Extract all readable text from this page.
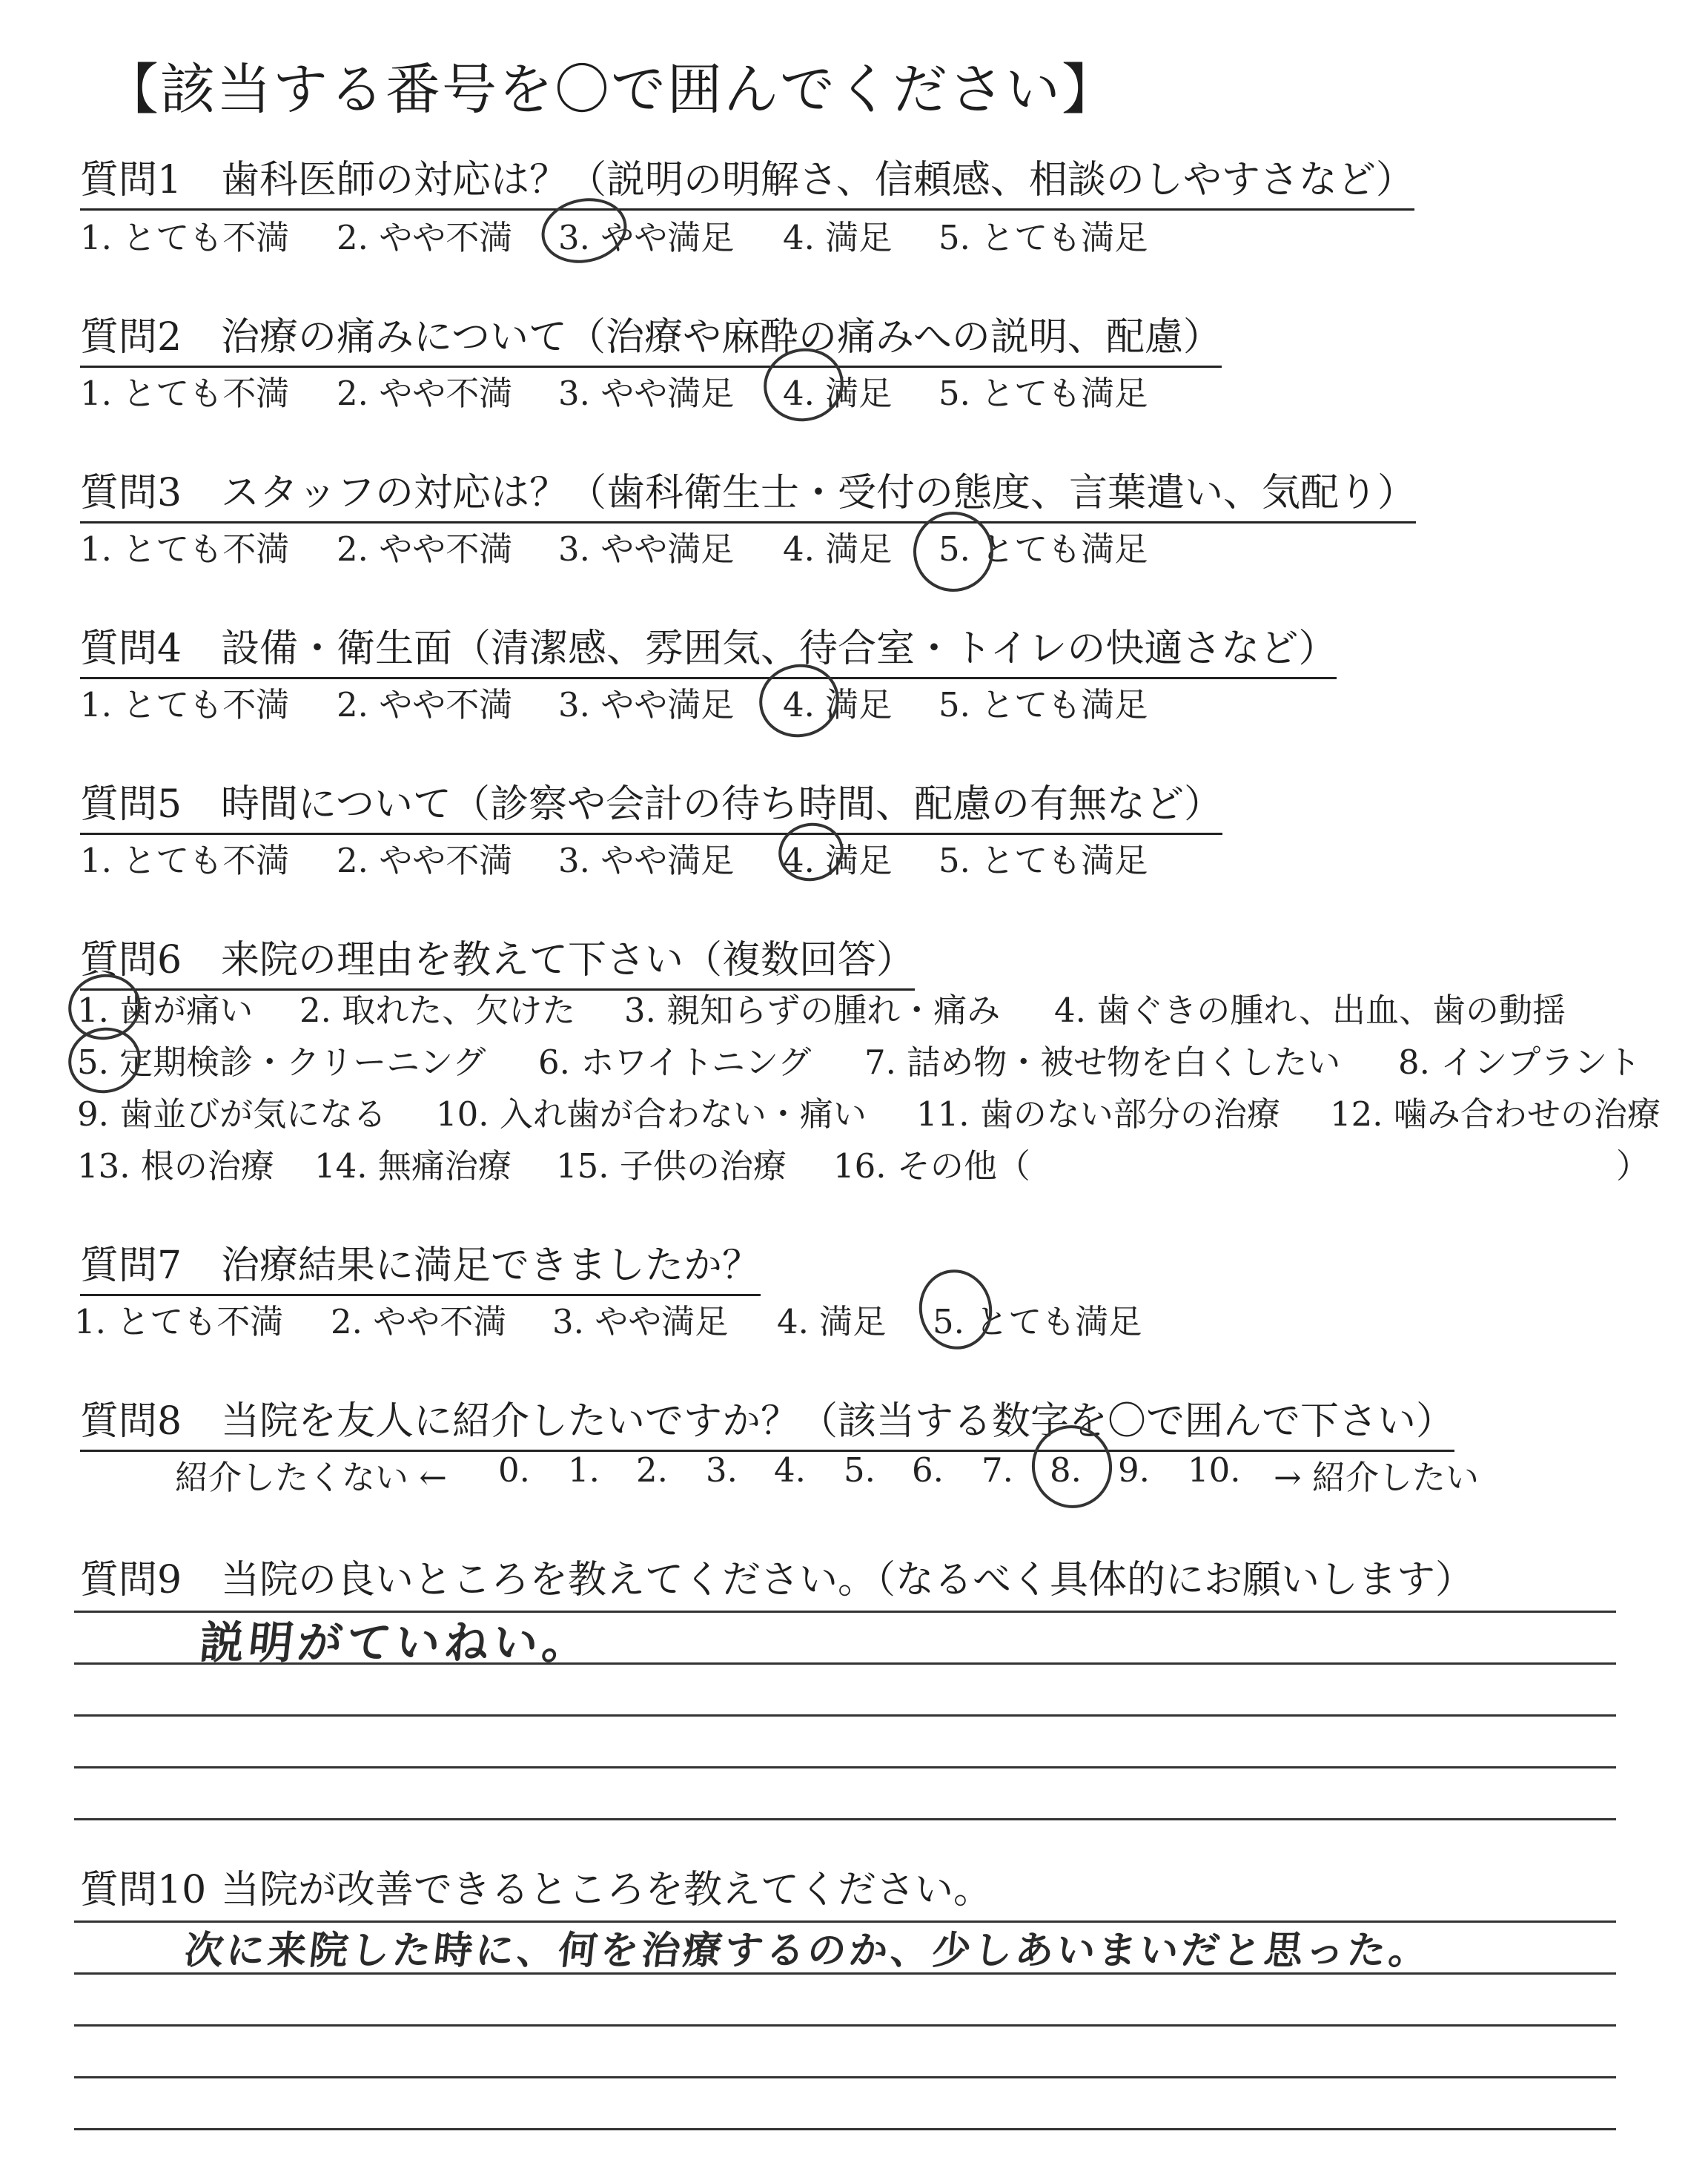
【該当する番号を〇で囲んでください】
質問1 歯科医師の対応は？（説明の明解さ、信頼感、相談のしやすさなど）
1. とても不満 2. やや不満 3. やや満足 4. 満足 5. とても満足
質問2 治療の痛みについて（治療や麻酔の痛みへの説明、配慮）
1. とても不満 2. やや不満 3. やや満足 4. 満足 5. とても満足
質問3 スタッフの対応は？（歯科衛生士・受付の態度、言葉遣い、気配り）
1. とても不満 2. やや不満 3. やや満足 4. 満足 5. とても満足
質問4 設備・衛生面（清潔感、雰囲気、待合室・トイレの快適さなど）
1. とても不満 2. やや不満 3. やや満足 4. 満足 5. とても満足
質問5 時間について（診察や会計の待ち時間、配慮の有無など）
1. とても不満 2. やや不満 3. やや満足 4. 満足 5. とても満足
質問6 来院の理由を教えて下さい（複数回答）
1. 歯が痛い 2. 取れた、欠けた 3. 親知らずの腫れ・痛み 4. 歯ぐきの腫れ、出血、歯の動揺
5. 定期検診・クリーニング 6. ホワイトニング 7. 詰め物・被せ物を白くしたい 8. インプラント
9. 歯並びが気になる 10. 入れ歯が合わない・痛い 11. 歯のない部分の治療 12. 噛み合わせの治療
13. 根の治療 14. 無痛治療 15. 子供の治療 16. その他（	）
質問7 治療結果に満足できましたか？
1. とても不満 2. やや不満 3. やや満足 4. 満足 5. とても満足
質問8 当院を友人に紹介したいですか？（該当する数字を〇で囲んで下さい）
紹介したくない ← 0. 1. 2. 3. 4. 5. 6. 7. 8. 9. 10. → 紹介したい
質問9 当院の良いところを教えてください。（なるべく具体的にお願いします）
説明がていねい。
質問10 当院が改善できるところを教えてください。
次に来院した時に、何を治療するのか、少しあいまいだと思った。
